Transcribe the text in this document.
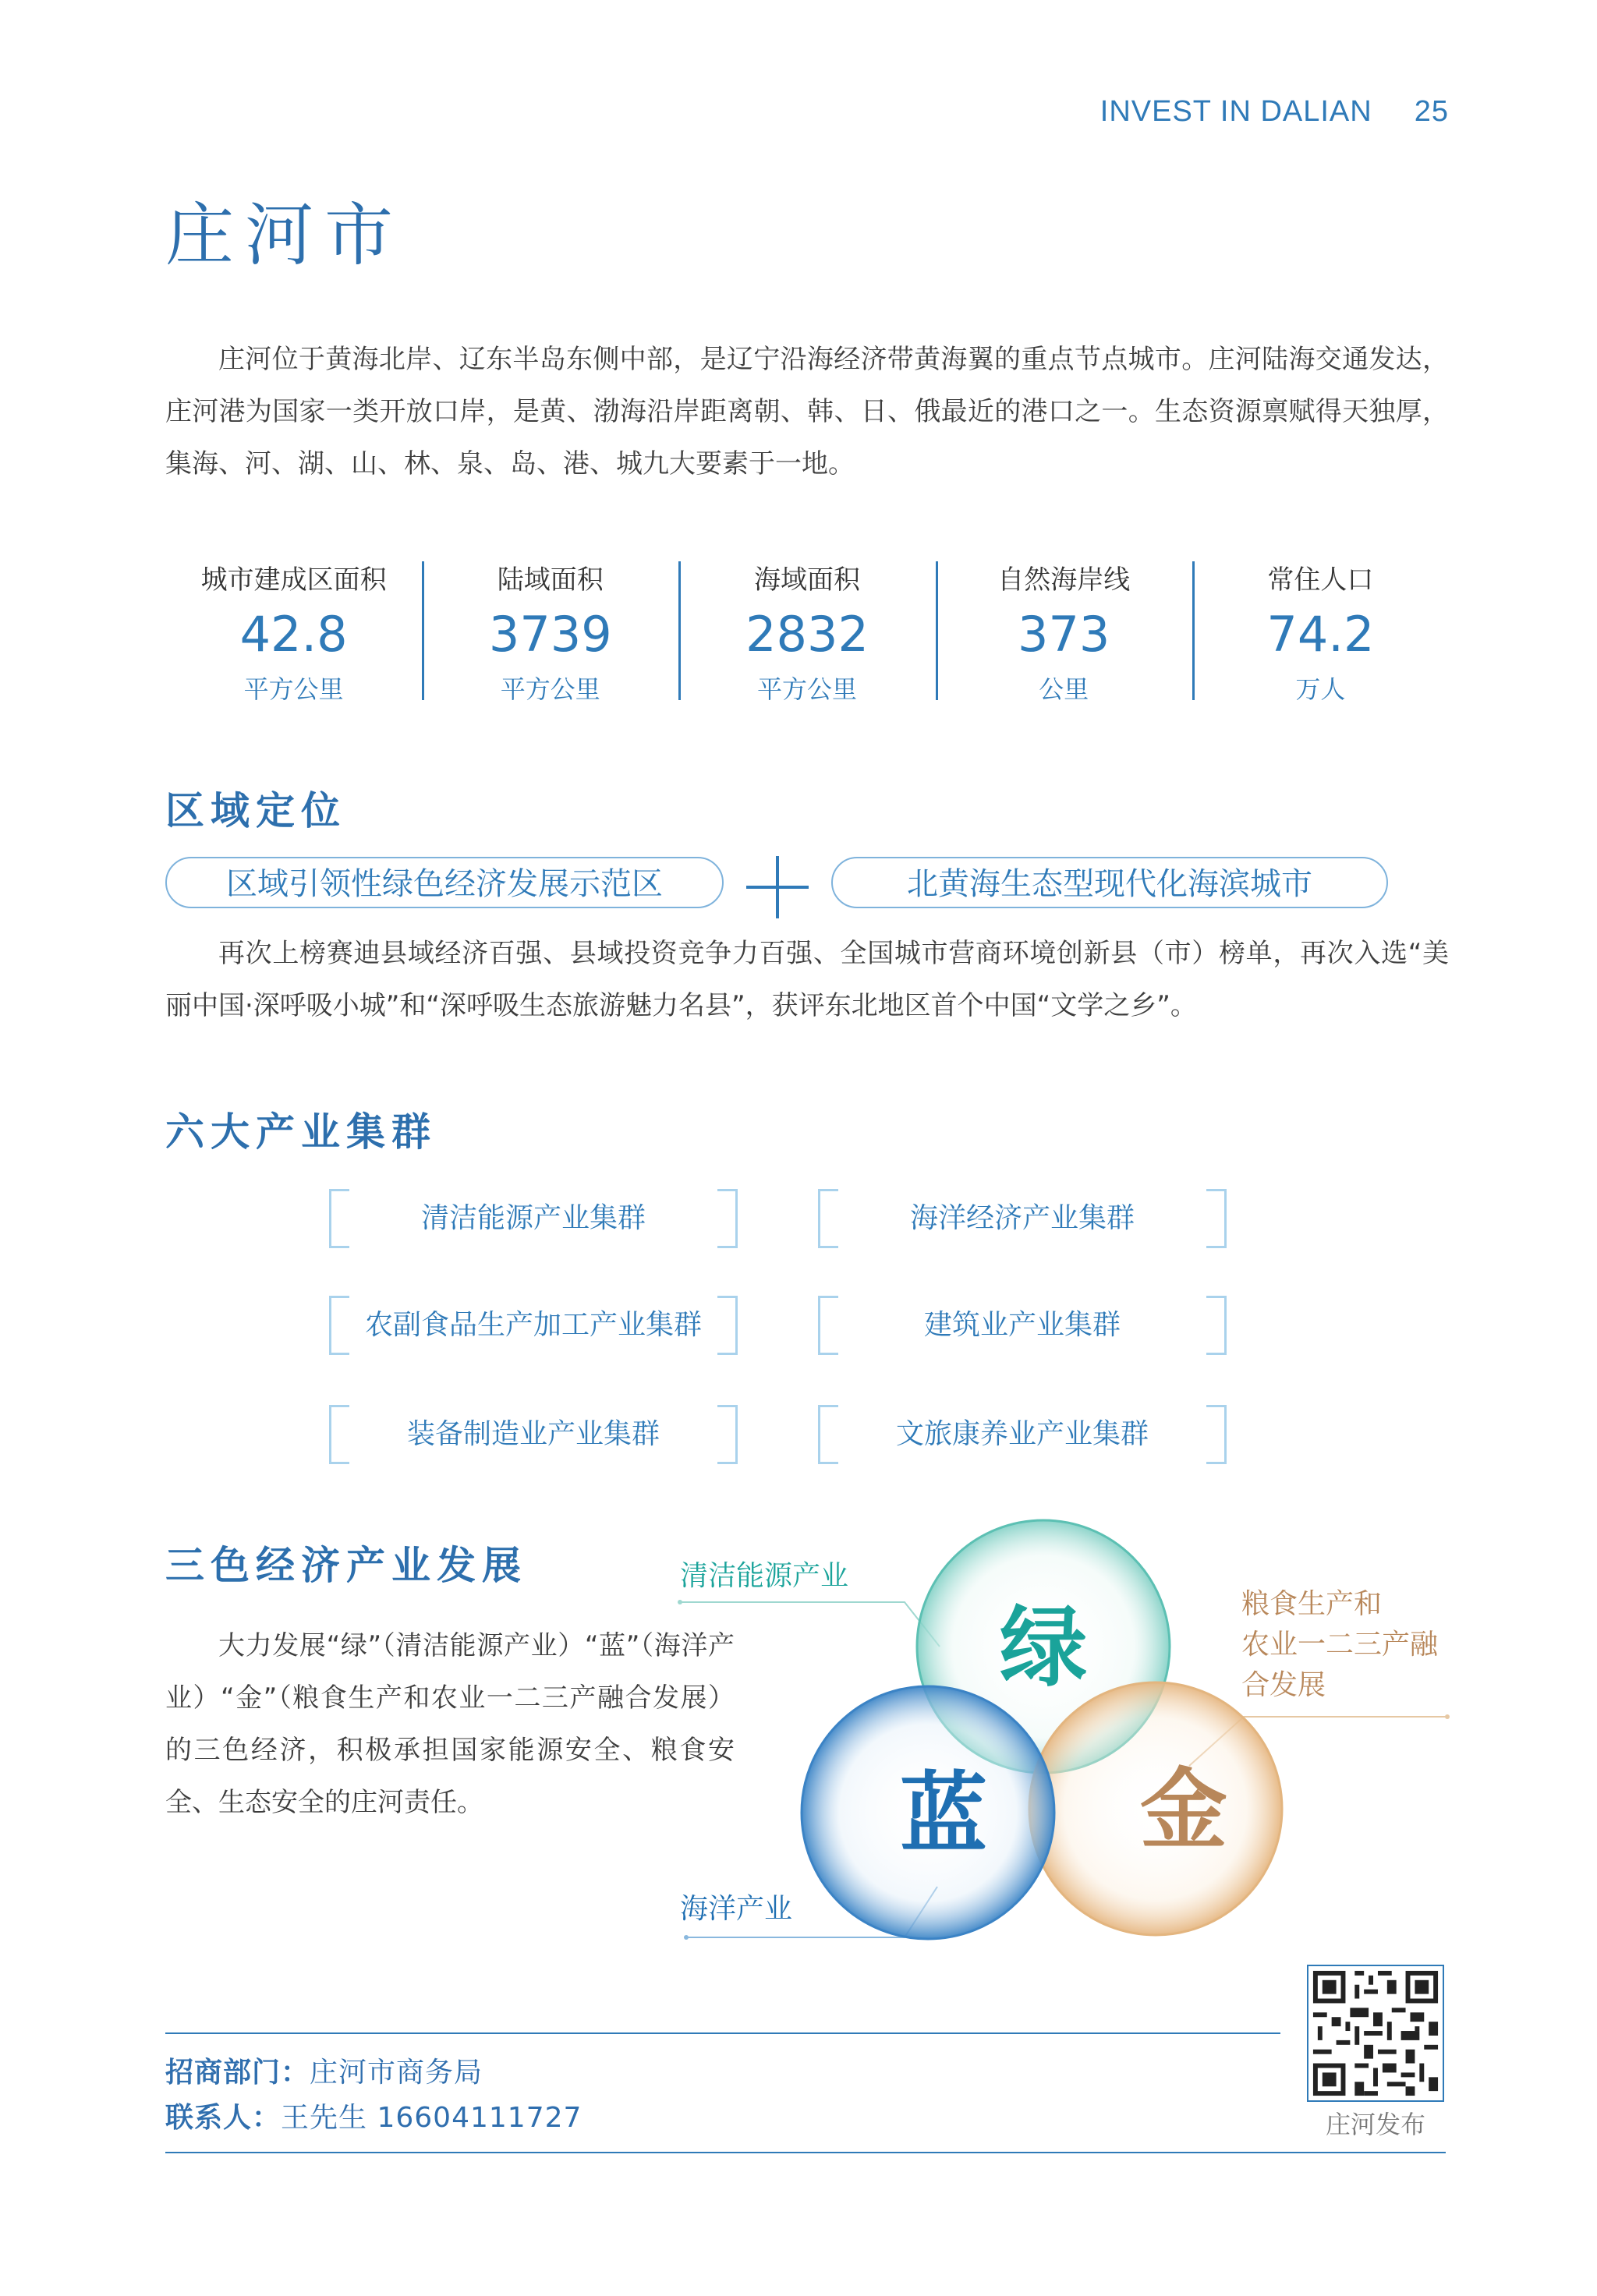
INVEST IN DALIAN 25
庄河市
庄河位于黄海北岸、辽东半岛东侧中部，是辽宁沿海经济带黄海翼的重点节点城市。庄河陆海交通发达，庄河港为国家一类开放口岸，是黄、渤海沿岸距离朝、韩、日、俄最近的港口之一。生态资源禀赋得天独厚，集海、河、湖、山、林、泉、岛、港、城九大要素于一地。
城市建成区面积
42.8
平方公里
陆域面积
3739
平方公里
海域面积
2832
平方公里
自然海岸线
373
公里
常住人口
74.2
万人
区域定位
区域引领性绿色经济发展示范区	北黄海生态型现代化海滨城市
再次上榜赛迪县域经济百强、县域投资竞争力百强、全国城市营商环境创新县（市）榜单，再次入选“美丽中国·深呼吸小城”和“深呼吸生态旅游魅力名县”，获评东北地区首个中国“文学之乡”。
六大产业集群
清洁能源产业集群	海洋经济产业集群
农副食品生产加工产业集群	建筑业产业集群
装备制造业产业集群	文旅康养业产业集群
三色经济产业发展
大力发展“绿”（清洁能源产业）“蓝”（海洋产业）“金”（粮食生产和农业一二三产融合发展）的三色经济，积极承担国家能源安全、粮食安全、生态安全的庄河责任。
绿
金
蓝
清洁能源产业
海洋产业
粮食生产和
农业一二三产融
合发展
招商部门：庄河市商务局
联系人：王先生 16604111727	庄河发布
